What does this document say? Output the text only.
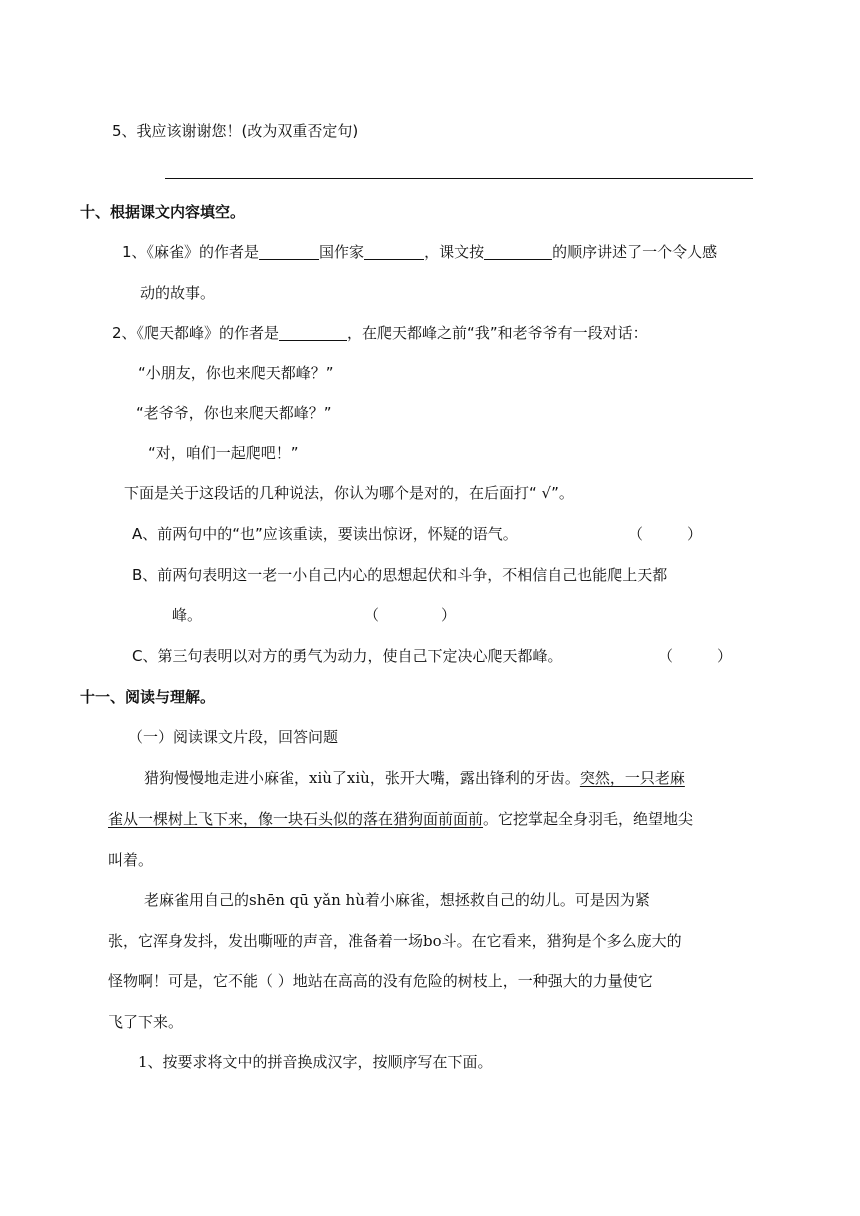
5、我应该谢谢您！(改为双重否定句)
十、根据课文内容填空。
1、《麻雀》的作者是	国作家	，课文按	的顺序讲述了一个令人感
动的故事。
2、《爬天都峰》的作者是	，在爬天都峰之前“我”和老爷爷有一段对话：
“小朋友，你也来爬天都峰？”
“老爷爷，你也来爬天都峰？”
“对，咱们一起爬吧！”
下面是关于这段话的几种说法，你认为哪个是对的，在后面打“ √”。
A、前两句中的“也”应该重读，要读出惊讶，怀疑的语气。	（	）
B、前两句表明这一老一小自己内心的思想起伏和斗争，不相信自己也能爬上天都
峰。	（	）
C、第三句表明以对方的勇气为动力，使自己下定决心爬天都峰。	（	）
十一、阅读与理解。
（一）阅读课文片段，回答问题
猎狗慢慢地走进小麻雀，xiù了xiù，张开大嘴，露出锋利的牙齿。突然，一只老麻
雀从一棵树上飞下来，像一块石头似的落在猎狗面前面前。它挖掌起全身羽毛，绝望地尖
叫着。
老麻雀用自己的shēn qū yǎn hù着小麻雀，想拯救自己的幼儿。可是因为紧
张，它浑身发抖，发出嘶哑的声音，准备着一场bo斗。在它看来，猎狗是个多么庞大的
怪物啊！可是，它不能（ ）地站在高高的没有危险的树枝上，一种强大的力量使它
飞了下来。
1、按要求将文中的拼音换成汉字，按顺序写在下面。
